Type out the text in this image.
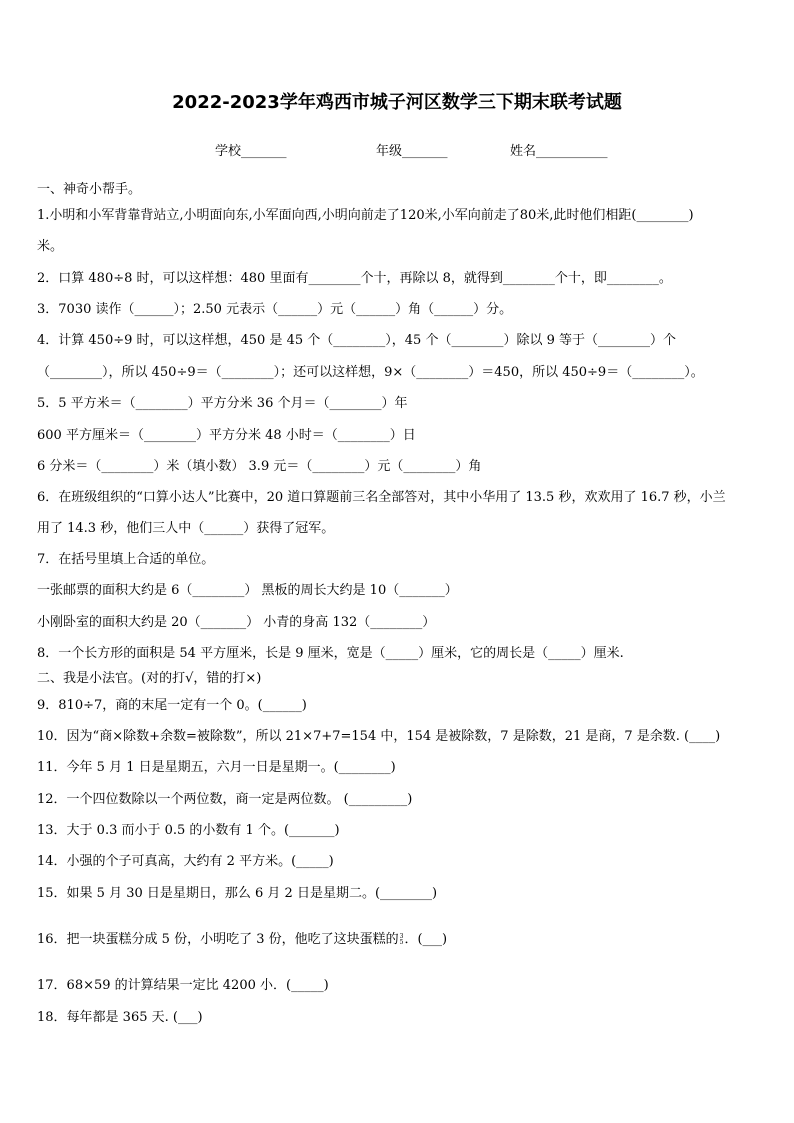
2022-2023学年鸡西市城子河区数学三下期末联考试题
学校_______	年级_______	姓名___________
一、神奇小帮手。
1.小明和小军背靠背站立,小明面向东,小军面向西,小明向前走了120米,小军向前走了80米,此时他们相距(________)
米。
2．口算 480÷8 时，可以这样想：480 里面有________个十，再除以 8，就得到________个十，即________。
3．7030 读作（______）；2.50 元表示（______）元（______）角（______）分。
4．计算 450÷9 时，可以这样想，450 是 45 个（________），45 个（________）除以 9 等于（________）个
（________），所以 450÷9＝（________）；还可以这样想，9×（________）＝450，所以 450÷9＝（________）。
5．5 平方米＝（________）平方分米 36 个月＝（________）年
600 平方厘米＝（________）平方分米 48 小时＝（________）日
6 分米＝（________）米（填小数） 3.9 元＝（________）元（________）角
6．在班级组织的“口算小达人”比赛中，20 道口算题前三名全部答对，其中小华用了 13.5 秒，欢欢用了 16.7 秒，小兰
用了 14.3 秒，他们三人中（______）获得了冠军。
7．在括号里填上合适的单位。
一张邮票的面积大约是 6（________） 黑板的周长大约是 10（_______）
小刚卧室的面积大约是 20（_______） 小青的身高 132（________）
8．一个长方形的面积是 54 平方厘米，长是 9 厘米，宽是（_____）厘米，它的周长是（_____）厘米.
二、我是小法官。(对的打√，错的打×)
9．810÷7，商的末尾一定有一个 0。(______)
10．因为“商×除数+余数=被除数”，所以 21×7+7=154 中，154 是被除数，7 是除数，21 是商，7 是余数. (____)
11．今年 5 月 1 日是星期五，六月一日是星期一。(________)
12．一个四位数除以一个两位数，商一定是两位数。 (_________)
13．大于 0.3 而小于 0.5 的小数有 1 个。(_______)
14．小强的个子可真高，大约有 2 平方米。(_____)
15．如果 5 月 30 日是星期日，那么 6 月 2 日是星期二。(________)
16．把一块蛋糕分成 5 份，小明吃了 3 份，他吃了这块蛋糕的 3
5 ．(___)
17．68×59 的计算结果一定比 4200 小．(_____)
18．每年都是 365 天. (___)
